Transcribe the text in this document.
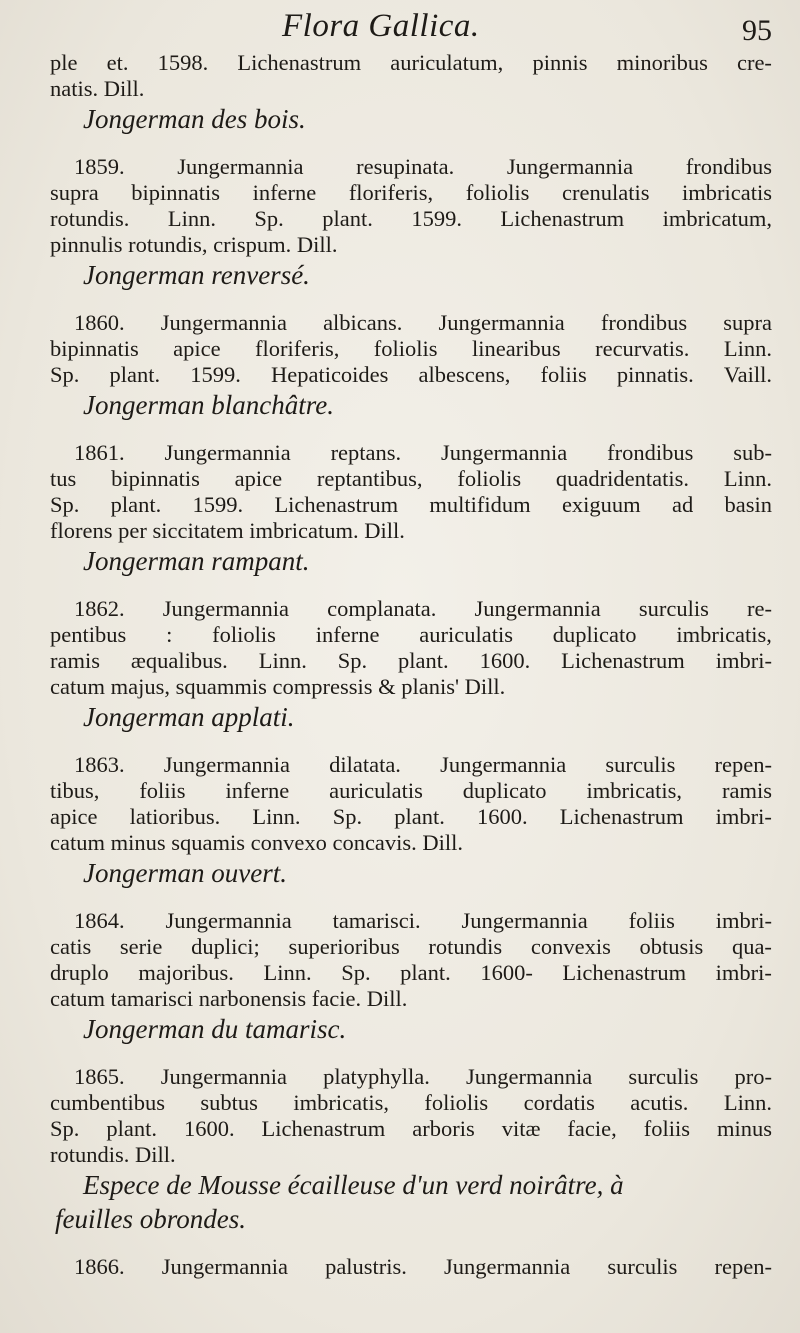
Flora Gallica.	95
ple et. 1598. Lichenastrum auriculatum, pinnis minoribus cre-
natis. Dill.
Jongerman des bois.
1859. Jungermannia resupinata. Jungermannia frondibus
supra bipinnatis inferne floriferis, foliolis crenulatis imbricatis
rotundis. Linn. Sp. plant. 1599. Lichenastrum imbricatum,
pinnulis rotundis, crispum. Dill.
Jongerman renversé.
1860. Jungermannia albicans. Jungermannia frondibus supra
bipinnatis apice floriferis, foliolis linearibus recurvatis. Linn.
Sp. plant. 1599. Hepaticoides albescens, foliis pinnatis. Vaill.
Jongerman blanchâtre.
1861. Jungermannia reptans. Jungermannia frondibus sub-
tus bipinnatis apice reptantibus, foliolis quadridentatis. Linn.
Sp. plant. 1599. Lichenastrum multifidum exiguum ad basin
florens per siccitatem imbricatum. Dill.
Jongerman rampant.
1862. Jungermannia complanata. Jungermannia surculis re-
pentibus : foliolis inferne auriculatis duplicato imbricatis,
ramis æqualibus. Linn. Sp. plant. 1600. Lichenastrum imbri-
catum majus, squammis compressis & planis' Dill.
Jongerman applati.
1863. Jungermannia dilatata. Jungermannia surculis repen-
tibus, foliis inferne auriculatis duplicato imbricatis, ramis
apice latioribus. Linn. Sp. plant. 1600. Lichenastrum imbri-
catum minus squamis convexo concavis. Dill.
Jongerman ouvert.
1864. Jungermannia tamarisci. Jungermannia foliis imbri-
catis serie duplici; superioribus rotundis convexis obtusis qua-
druplo majoribus. Linn. Sp. plant. 1600- Lichenastrum imbri-
catum tamarisci narbonensis facie. Dill.
Jongerman du tamarisc.
1865. Jungermannia platyphylla. Jungermannia surculis pro-
cumbentibus subtus imbricatis, foliolis cordatis acutis. Linn.
Sp. plant. 1600. Lichenastrum arboris vitæ facie, foliis minus
rotundis. Dill.
Espece de Mousse écailleuse d'un verd noirâtre, à
feuilles obrondes.
1866. Jungermannia palustris. Jungermannia surculis repen-
